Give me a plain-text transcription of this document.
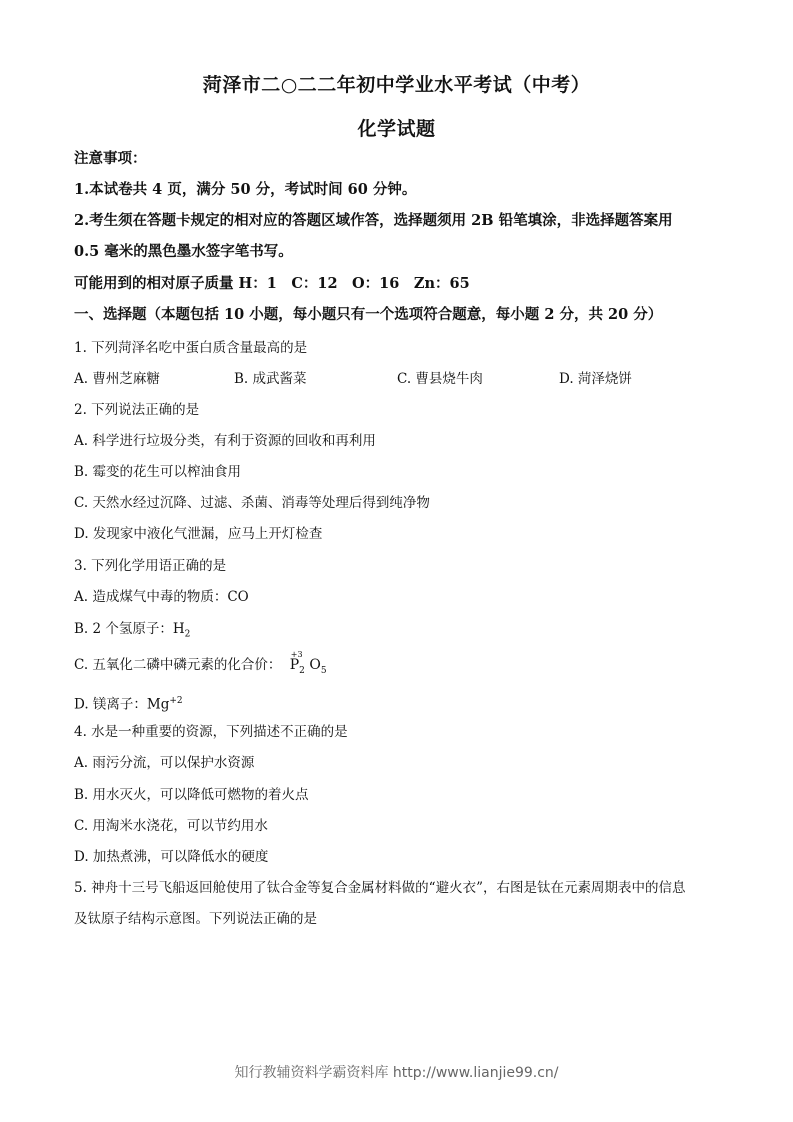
菏泽市二○二二年初中学业水平考试（中考）
化学试题
注意事项：
1.本试卷共 4 页，满分 50 分，考试时间 60 分钟。
2.考生须在答题卡规定的相对应的答题区域作答，选择题须用 2B 铅笔填涂，非选择题答案用
0.5 毫米的黑色墨水签字笔书写。
可能用到的相对原子质量 H：1　C：12　O：16　Zn：65
一、选择题（本题包括 10 小题，每小题只有一个选项符合题意，每小题 2 分，共 20 分）
1. 下列菏泽名吃中蛋白质含量最高的是
A. 曹州芝麻糖	B. 成武酱菜	C. 曹县烧牛肉	D. 菏泽烧饼
2. 下列说法正确的是
A. 科学进行垃圾分类，有利于资源的回收和再利用
B. 霉变的花生可以榨油食用
C. 天然水经过沉降、过滤、杀菌、消毒等处理后得到纯净物
D. 发现家中液化气泄漏，应马上开灯检查
3. 下列化学用语正确的是
A. 造成煤气中毒的物质：CO
B. 2 个氢原子：$H_2$
C. 五氧化二磷中磷元素的化合价：
+3
$P_2$ $O_5$
D. 镁离子：$Mg^{+2}$
4. 水是一种重要的资源，下列描述不正确的是
A. 雨污分流，可以保护水资源
B. 用水灭火，可以降低可燃物的着火点
C. 用淘米水浇花，可以节约用水
D. 加热煮沸，可以降低水的硬度
5. 神舟十三号飞船返回舱使用了钛合金等复合金属材料做的“避火衣”，右图是钛在元素周期表中的信息
及钛原子结构示意图。下列说法正确的是
知行教辅资料学霸资料库 http://www.lianjie99.cn/
